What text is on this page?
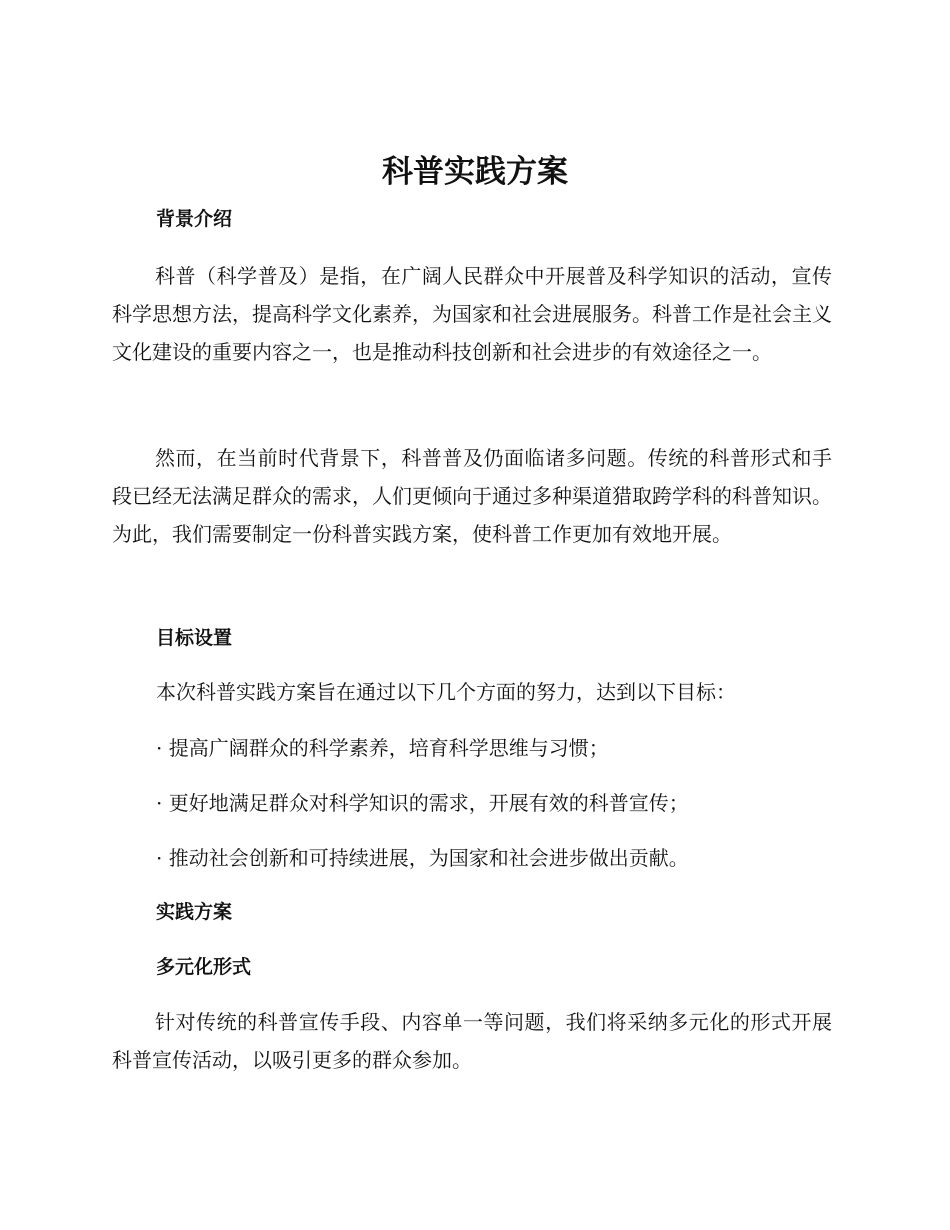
科普实践方案
背景介绍

科普（科学普及）是指，在广阔人民群众中开展普及科学知识的活动，宣传科学思想方法，提高科学文化素养，为国家和社会进展服务。科普工作是社会主义文化建设的重要内容之一，也是推动科技创新和社会进步的有效途径之一。

然而，在当前时代背景下，科普普及仍面临诸多问题。传统的科普形式和手段已经无法满足群众的需求，人们更倾向于通过多种渠道猎取跨学科的科普知识。为此，我们需要制定一份科普实践方案，使科普工作更加有效地开展。

目标设置

本次科普实践方案旨在通过以下几个方面的努力，达到以下目标：

· 提高广阔群众的科学素养，培育科学思维与习惯；

· 更好地满足群众对科学知识的需求，开展有效的科普宣传；

· 推动社会创新和可持续进展，为国家和社会进步做出贡献。

实践方案
多元化形式

针对传统的科普宣传手段、内容单一等问题，我们将采纳多元化的形式开展科普宣传活动，以吸引更多的群众参加。
